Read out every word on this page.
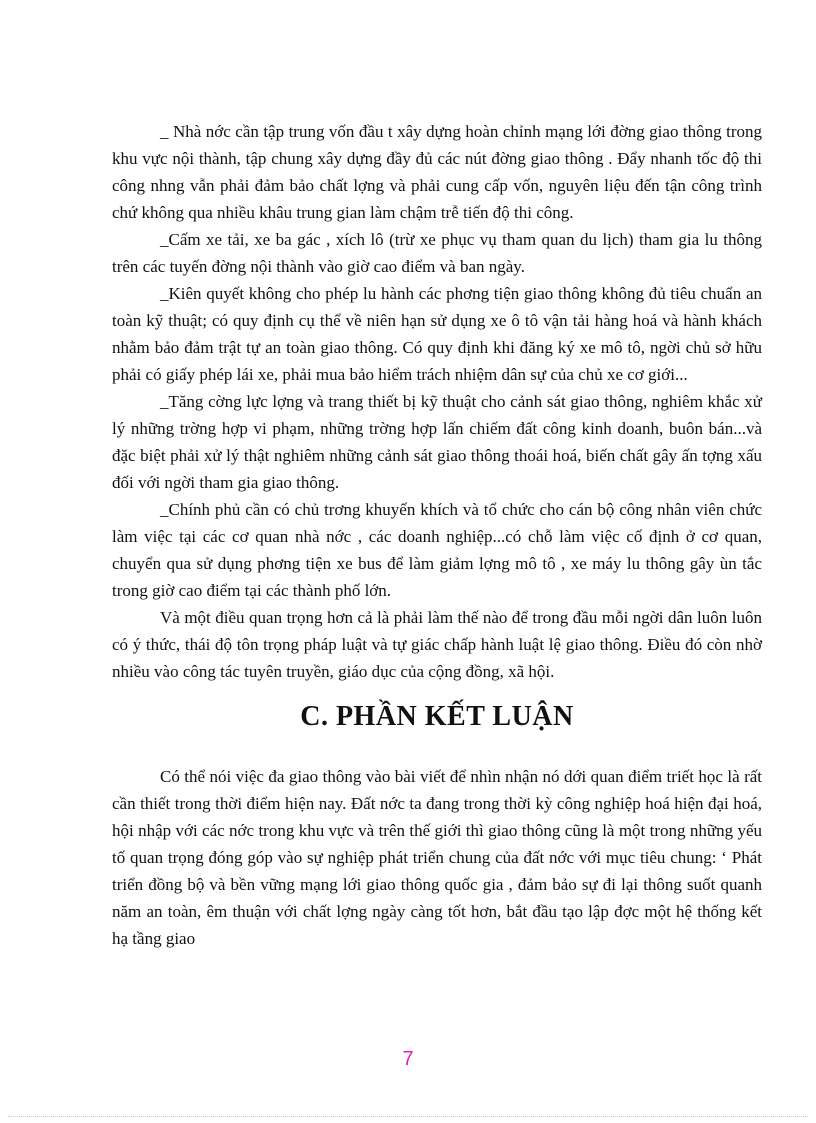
_ Nhà nớc cần tập trung vốn đầu t xây dựng hoàn chỉnh mạng lới đờng giao thông trong khu vực nội thành, tập chung xây dựng đầy đủ các nút đờng giao thông . Đẩy nhanh tốc độ thi công nhng vẫn phải đảm bảo chất lợng và phải cung cấp vốn, nguyên liệu đến tận công trình chứ không qua nhiều khâu trung gian làm chậm trễ tiến độ thi công.

_Cấm xe tải, xe ba gác , xích lô (trừ xe phục vụ tham quan du lịch) tham gia lu thông trên các tuyến đờng nội thành vào giờ cao điểm và ban ngày.

_Kiên quyết không cho phép lu hành các phơng tiện giao thông không đủ tiêu chuẩn an toàn kỹ thuật; có quy định cụ thể về niên hạn sử dụng xe ô tô vận tải hàng hoá và hành khách nhằm bảo đảm trật tự an toàn giao thông. Có quy định khi đăng ký xe mô tô, ngời chủ sở hữu phải có giấy phép lái xe, phải mua bảo hiểm trách nhiệm dân sự của chủ xe cơ giới...

_Tăng cờng lực lợng và trang thiết bị kỹ thuật cho cảnh sát giao thông, nghiêm khắc xử lý những trờng hợp vi phạm, những trờng hợp lấn chiếm đất công kinh doanh, buôn bán...và đặc biệt phải xử lý thật nghiêm những cảnh sát giao thông thoái hoá, biến chất gây ấn tợng xấu đối với ngời tham gia giao thông.

_Chính phủ cần có chủ trơng khuyến khích và tổ chức cho cán bộ công nhân viên chức làm việc tại các cơ quan nhà nớc , các doanh nghiệp...có chỗ làm việc cố định ở cơ quan, chuyển qua sử dụng phơng tiện xe bus để làm giảm lợng mô tô , xe máy lu thông gây ùn tắc trong giờ cao điểm tại các thành phố lớn.

Và một điều quan trọng hơn cả là phải làm thế nào để trong đầu mỗi ngời dân luôn luôn có ý thức, thái độ tôn trọng pháp luật và tự giác chấp hành luật lệ giao thông. Điều đó còn nhờ nhiều vào công tác tuyên truyền, giáo dục của cộng đồng, xã hội.

C. PHẦN KẾT LUẬN

Có thể nói việc đa giao thông vào bài viết để nhìn nhận nó dới quan điểm triết học là rất cần thiết trong thời điểm hiện nay. Đất nớc ta đang trong thời kỳ công nghiệp hoá hiện đại hoá, hội nhập với các nớc trong khu vực và trên thế giới thì giao thông cũng là một trong những yếu tố quan trọng đóng góp vào sự nghiệp phát triển chung của đất nớc với mục tiêu chung: ‘ Phát triển đồng bộ và bền vững mạng lới giao thông quốc gia , đảm bảo sự đi lại thông suốt quanh năm an toàn, êm thuận với chất lợng ngày càng tốt hơn, bắt đầu tạo lập đợc một hệ thống kết hạ tầng giao

7
